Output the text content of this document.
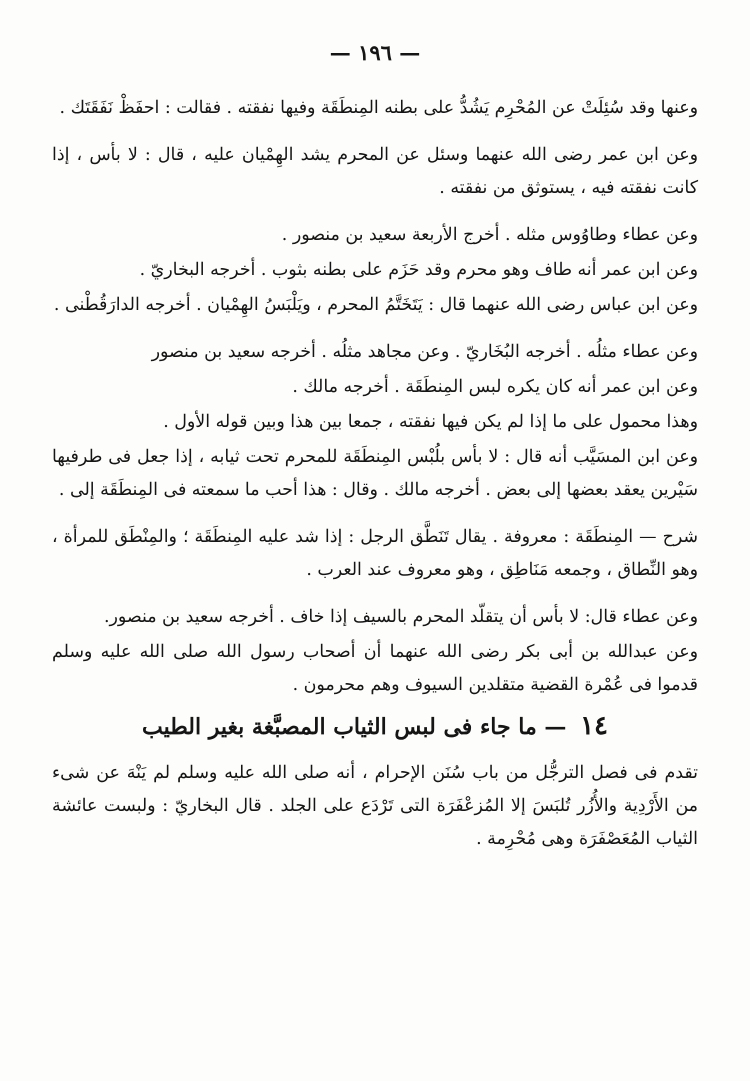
— ١٩٦ —

وعنها وقد سُئِلَتْ عن المُحْرِم يَشُدُّ على بطنه المِنطَقَة وفيها نفقته . فقالت : احفَظْ نَفَقَتَك .

وعن ابن عمر رضى الله عنهما وسئل عن المحرم يشد الهِمْيان عليه ، قال : لا بأس ، إذا كانت نفقته فيه ، يستوثق من نفقته .

وعن عطاء وطاوُوس مثله . أخرج الأربعة سعيد بن منصور .

وعن ابن عمر أنه طاف وهو محرم وقد حَزَم على بطنه بثوب . أخرجه البخاريّ .

وعن ابن عباس رضى الله عنهما قال : يَتَخَتَّمُ المحرم ، ويَلْبَسُ الهِمْيان . أخرجه الدارَقُطْنى .

وعن عطاء مثلُه . أخرجه البُخَاريّ . وعن مجاهد مثلُه . أخرجه سعيد بن منصور

وعن ابن عمر أنه كان يكره لبس المِنطَقَة . أخرجه مالك .

وهذا محمول على ما إذا لم يكن فيها نفقته ، جمعا بين هذا وبين قوله الأول .

وعن ابن المسَيَّب أنه قال : لا بأس بلُبْس المِنطَقَة للمحرم تحت ثيابه ، إذا جعل فى طرفيها سَيْرين يعقد بعضها إلى بعض . أخرجه مالك . وقال : هذا أحب ما سمعته فى المِنطَقَة إلى .

شرح — المِنطَقَة : معروفة . يقال تَنَطَّق الرجل : إذا شد عليه المِنطَقَة ؛ والمِنْطَق للمرأة ، وهو النِّطاق ، وجمعه مَنَاطِق ، وهو معروف عند العرب .

وعن عطاء قال: لا بأس أن يتقلّد المحرم بالسيف إذا خاف . أخرجه سعيد بن منصور.

وعن عبدالله بن أبى بكر رضى الله عنهما أن أصحاب رسول الله صلى الله عليه وسلم قدموا فى عُمْرة القضية متقلدين السيوف وهم محرمون .

١٤ — ما جاء فى لبس الثياب المصبَّغة بغير الطيب

تقدم فى فصل الترجُّل من باب سُنَن الإحرام ، أنه صلى الله عليه وسلم لم يَنْهَ عن شىء من الأَرْدِية والأُزُر تُلبَسَ إلا المُزعْفَرَة التى تَرْدَع على الجلد . قال البخاريّ : ولبست عائشة الثياب المُعَصْفَرَة وهى مُحْرِمة .
